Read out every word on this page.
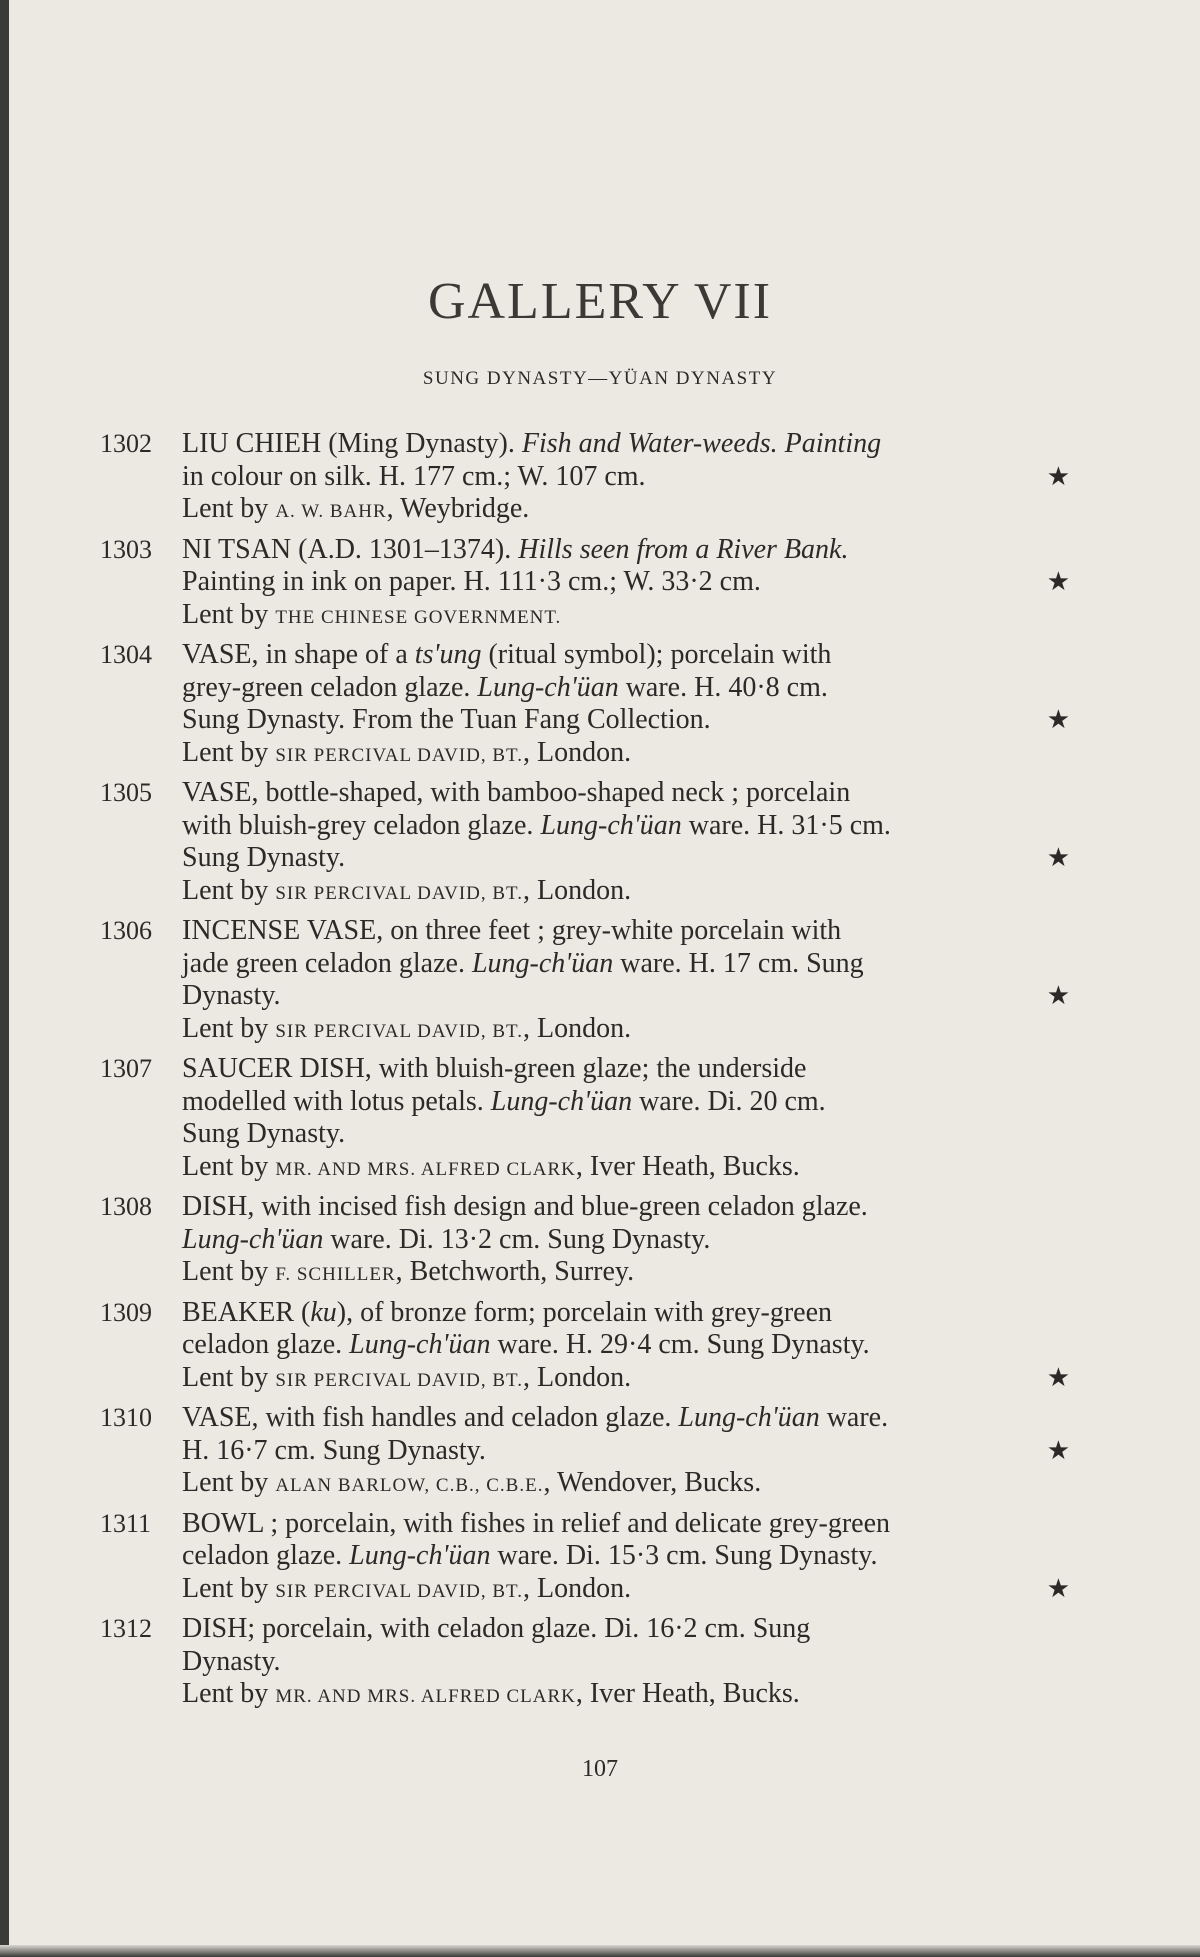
GALLERY VII
SUNG DYNASTY—YÜAN DYNASTY
1302 LIU CHIEH (Ming Dynasty). Fish and Water-weeds. Painting
in colour on silk. H. 177 cm.; W. 107 cm.	★
Lent by A. W. BAHR, Weybridge.
1303 NI TSAN (A.D. 1301–1374). Hills seen from a River Bank.
Painting in ink on paper. H. 111·3 cm.; W. 33·2 cm.	★
Lent by THE CHINESE GOVERNMENT.
1304 VASE, in shape of a ts'ung (ritual symbol); porcelain with
grey-green celadon glaze. Lung-ch'üan ware. H. 40·8 cm.
Sung Dynasty. From the Tuan Fang Collection.	★
Lent by SIR PERCIVAL DAVID, BT., London.
1305 VASE, bottle-shaped, with bamboo-shaped neck ; porcelain
with bluish-grey celadon glaze. Lung-ch'üan ware. H. 31·5 cm.
Sung Dynasty.	★
Lent by SIR PERCIVAL DAVID, BT., London.
1306 INCENSE VASE, on three feet ; grey-white porcelain with
jade green celadon glaze. Lung-ch'üan ware. H. 17 cm. Sung
Dynasty.	★
Lent by SIR PERCIVAL DAVID, BT., London.
1307 SAUCER DISH, with bluish-green glaze; the underside
modelled with lotus petals. Lung-ch'üan ware. Di. 20 cm.
Sung Dynasty.
Lent by MR. AND MRS. ALFRED CLARK, Iver Heath, Bucks.
1308 DISH, with incised fish design and blue-green celadon glaze.
Lung-ch'üan ware. Di. 13·2 cm. Sung Dynasty.
Lent by F. SCHILLER, Betchworth, Surrey.
1309 BEAKER (ku), of bronze form; porcelain with grey-green
celadon glaze. Lung-ch'üan ware. H. 29·4 cm. Sung Dynasty.
Lent by SIR PERCIVAL DAVID, BT., London.	★
1310 VASE, with fish handles and celadon glaze. Lung-ch'üan ware.
H. 16·7 cm. Sung Dynasty.	★
Lent by ALAN BARLOW, C.B., C.B.E., Wendover, Bucks.
1311 BOWL ; porcelain, with fishes in relief and delicate grey-green
celadon glaze. Lung-ch'üan ware. Di. 15·3 cm. Sung Dynasty.
Lent by SIR PERCIVAL DAVID, BT., London.	★
1312 DISH; porcelain, with celadon glaze. Di. 16·2 cm. Sung
Dynasty.
Lent by MR. AND MRS. ALFRED CLARK, Iver Heath, Bucks.
107
